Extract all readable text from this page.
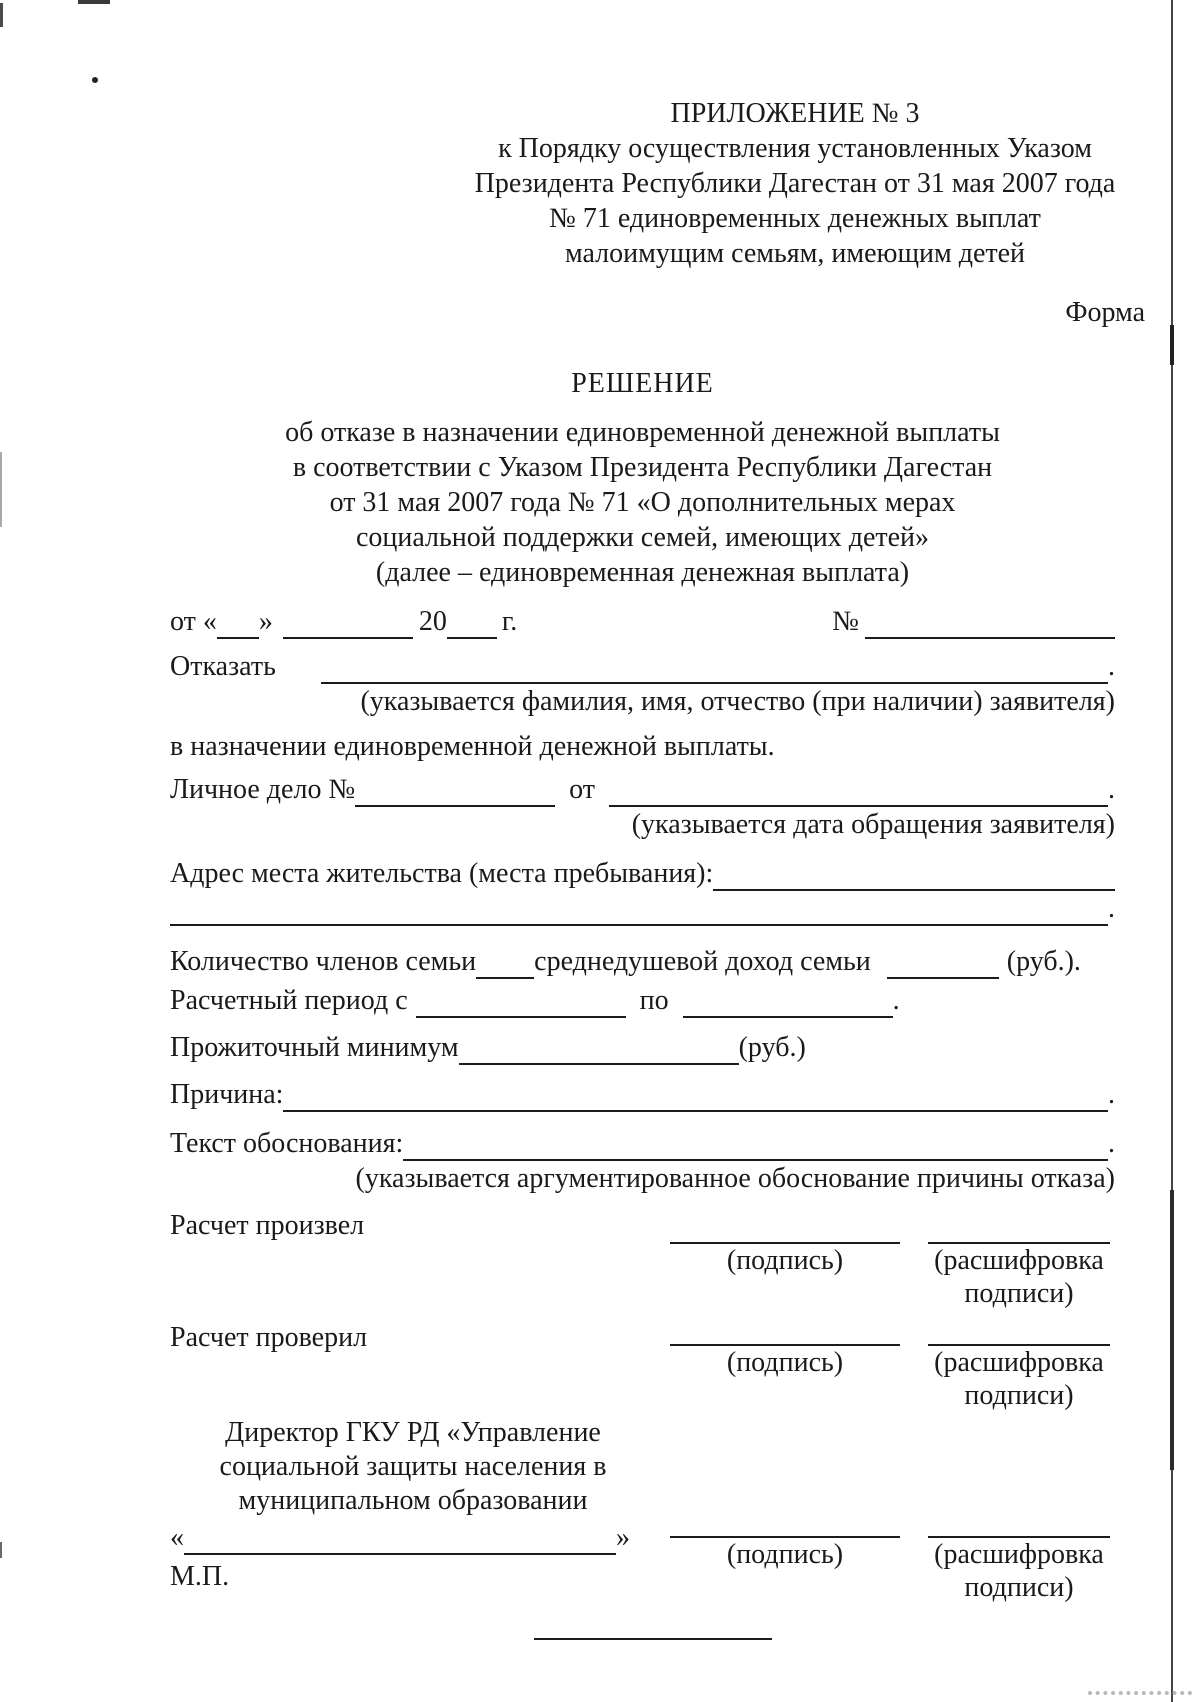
ПРИЛОЖЕНИЕ № 3
к Порядку осуществления установленных Указом
Президента Республики Дагестан от 31 мая 2007 года
№ 71 единовременных денежных выплат
малоимущим семьям, имеющим детей
Форма
РЕШЕНИЕ
об отказе в назначении единовременной денежной выплаты
в соответствии с Указом Президента Республики Дагестан
от 31 мая 2007 года № 71 «О дополнительных мерах
социальной поддержки семей, имеющих детей»
(далее – единовременная денежная выплата)
от « »	20 г.	№
Отказать	.
(указывается фамилия, имя, отчество (при наличии) заявителя)
в назначении единовременной денежной выплаты.
Личное дело №	от	.
(указывается дата обращения заявителя)
Адрес места жительства (места пребывания):
.
Количество членов семьи среднедушевой доход семьи	(руб.).
Расчетный период с	по	.
Прожиточный минимум	(руб.)
Причина:	.
Текст обоснования:	.
(указывается аргументированное обоснование причины отказа)
Расчет произвел
(подпись)	(расшифровка
подписи)
Расчет проверил
(подпись)	(расшифровка
подписи)
Директор ГКУ РД «Управление
социальной защиты населения в
муниципальном образовании
«	»
М.П.
(подпись)	(расшифровка
подписи)
